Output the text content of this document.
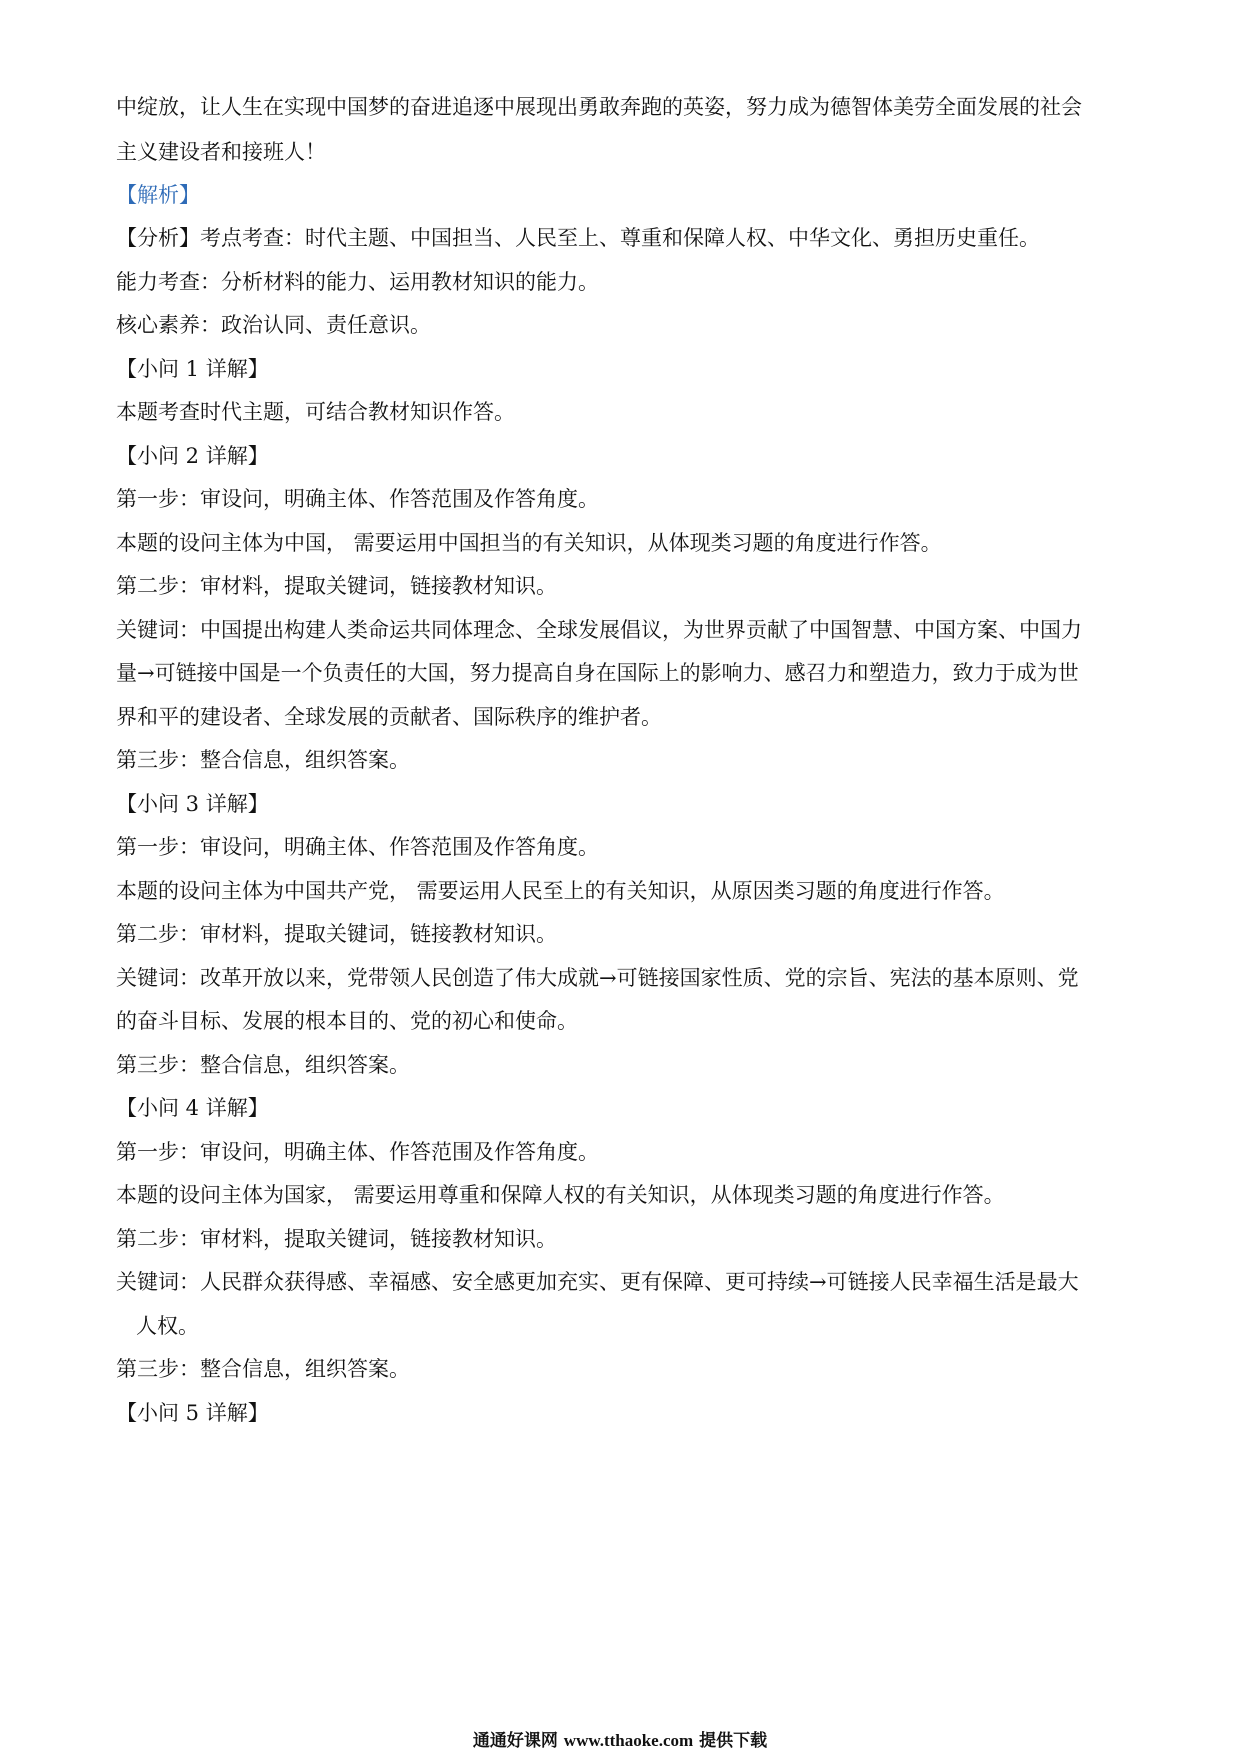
中绽放，让人生在实现中国梦的奋进追逐中展现出勇敢奔跑的英姿，努力成为德智体美劳全面发展的社会
主义建设者和接班人！
【解析】
【分析】考点考查：时代主题、中国担当、人民至上、尊重和保障人权、中华文化、勇担历史重任。
能力考查：分析材料的能力、运用教材知识的能力。
核心素养：政治认同、责任意识。
【小问 1 详解】
本题考查时代主题，可结合教材知识作答。
【小问 2 详解】
第一步：审设问，明确主体、作答范围及作答角度。
本题的设问主体为中国， 需要运用中国担当的有关知识，从体现类习题的角度进行作答。
第二步：审材料，提取关键词，链接教材知识。
关键词：中国提出构建人类命运共同体理念、全球发展倡议，为世界贡献了中国智慧、中国方案、中国力
量→可链接中国是一个负责任的大国，努力提高自身在国际上的影响力、感召力和塑造力，致力于成为世
界和平的建设者、全球发展的贡献者、国际秩序的维护者。
第三步：整合信息，组织答案。
【小问 3 详解】
第一步：审设问，明确主体、作答范围及作答角度。
本题的设问主体为中国共产党， 需要运用人民至上的有关知识，从原因类习题的角度进行作答。
第二步：审材料，提取关键词，链接教材知识。
关键词：改革开放以来，党带领人民创造了伟大成就→可链接国家性质、党的宗旨、宪法的基本原则、党
的奋斗目标、发展的根本目的、党的初心和使命。
第三步：整合信息，组织答案。
【小问 4 详解】
第一步：审设问，明确主体、作答范围及作答角度。
本题的设问主体为国家， 需要运用尊重和保障人权的有关知识，从体现类习题的角度进行作答。
第二步：审材料，提取关键词，链接教材知识。
关键词：人民群众获得感、幸福感、安全感更加充实、更有保障、更可持续→可链接人民幸福生活是最大
人权。
第三步：整合信息，组织答案。
【小问 5 详解】
通通好课网 www.tthaoke.com 提供下载
